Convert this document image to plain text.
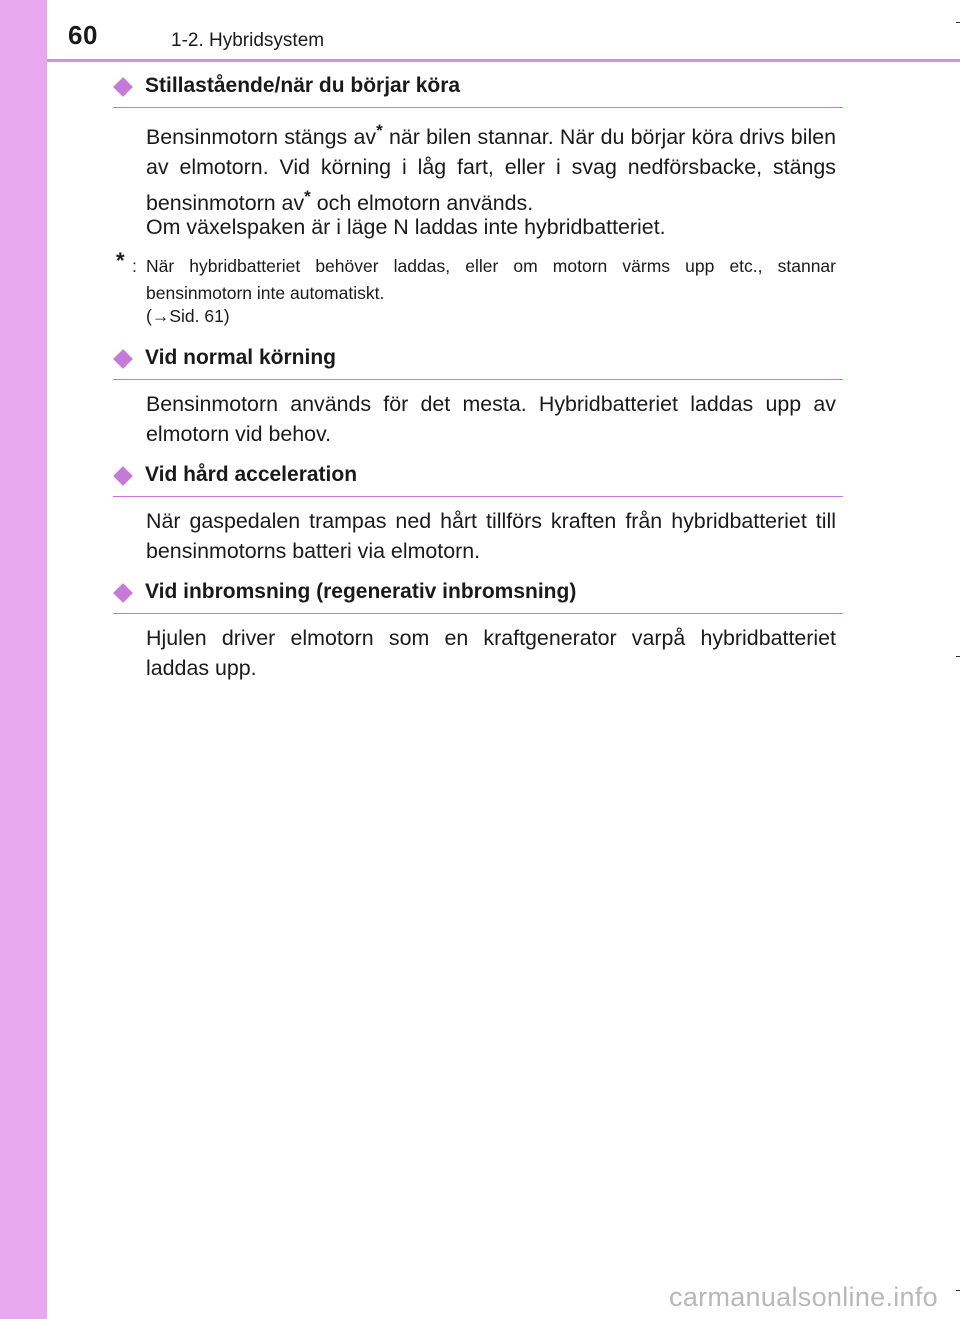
60	1-2. Hybridsystem
Stillastående/när du börjar köra

Bensinmotorn stängs av* när bilen stannar. När du börjar köra drivs bilen av elmotorn. Vid körning i låg fart, eller i svag nedförsbacke, stängs bensinmotorn av* och elmotorn används.

Om växelspaken är i läge N laddas inte hybridbatteriet.

* : När hybridbatteriet behöver laddas, eller om motorn värms upp etc., stannar bensinmotorn inte automatiskt.

(→Sid. 61)
Vid normal körning

Bensinmotorn används för det mesta. Hybridbatteriet laddas upp av elmotorn vid behov.

Vid hård acceleration

När gaspedalen trampas ned hårt tillförs kraften från hybridbatteriet till bensinmotorns batteri via elmotorn.

Vid inbromsning (regenerativ inbromsning)

Hjulen driver elmotorn som en kraftgenerator varpå hybridbatteriet laddas upp.

carmanualsonline.info
